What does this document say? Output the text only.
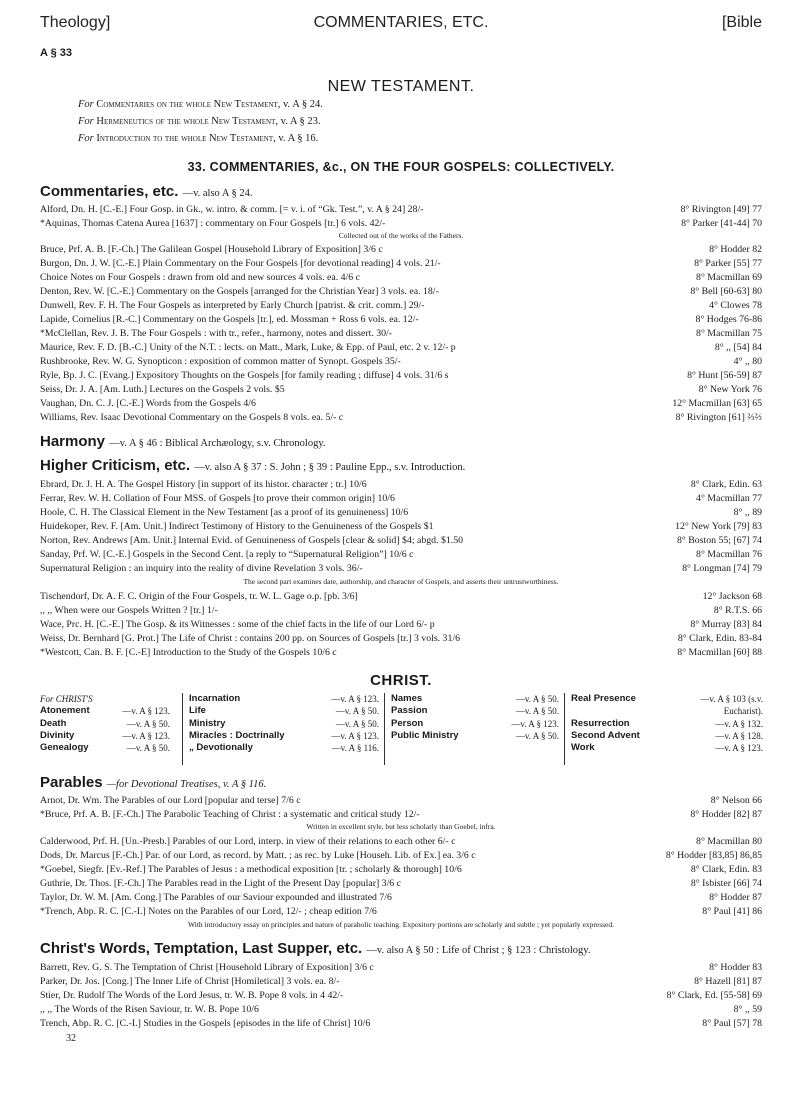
Theology]	COMMENTARIES, ETC.	[Bible
A § 33
NEW TESTAMENT.
For Commentaries on the whole New Testament, v. A § 24.
For Hermeneutics of the whole New Testament, v. A § 23.
For Introduction to the whole New Testament, v. A § 16.
33. COMMENTARIES, &c., ON THE FOUR GOSPELS: COLLECTIVELY.
Commentaries, etc. —v. also A § 24.
Alford, Dn. H. [C.-E.] Four Gosp. in Gk., w. intro. & comm. [= v. i. of “Gk. Test.”, v. A § 24] 28/-	8° Rivington [49] 77
*Aquinas, Thomas Catena Aurea [1637] : commentary on Four Gospels [tr.] 6 vols. 42/-	8° Parker [41-44] 70
Collected out of the works of the Fathers.
Bruce, Prf. A. B. [F.-Ch.] The Galilean Gospel [Household Library of Exposition] 3/6 c	8° Hodder 82
Burgon, Dn. J. W. [C.-E.] Plain Commentary on the Four Gospels [for devotional reading] 4 vols. 21/-	8° Parker [55] 77
Choice Notes on Four Gospels : drawn from old and new sources 4 vols. ea. 4/6 c	8° Macmillan 69
Denton, Rev. W. [C.-E.] Commentary on the Gospels [arranged for the Christian Year] 3 vols. ea. 18/-	8° Bell [60-63] 80
Dunwell, Rev. F. H. The Four Gospels as interpreted by Early Church [patrist. & crit. comm.] 29/-	4° Clowes 78
Lapide, Cornelius [R.-C.] Commentary on the Gospels [tr.], ed. Mossman + Ross 6 vols. ea. 12/-	8° Hodges 76-86
*McClellan, Rev. J. B. The Four Gospels : with tr., refer., harmony, notes and dissert. 30/-	8° Macmillan 75
Maurice, Rev. F. D. [B.-C.] Unity of the N.T. : lects. on Matt., Mark, Luke, & Epp. of Paul, etc. 2 v. 12/- p	8° ,, [54] 84
Rushbrooke, Rev. W. G. Synopticon : exposition of common matter of Synopt. Gospels 35/-	4° ,, 80
Ryle, Bp. J. C. [Evang.] Expository Thoughts on the Gospels [for family reading ; diffuse] 4 vols. 31/6 s	8° Hunt [56-59] 87
Seiss, Dr. J. A. [Am. Luth.] Lectures on the Gospels 2 vols. $5	8° New York 76
Vaughan, Dn. C. J. [C.-E.] Words from the Gospels 4/6	12° Macmillan [63] 65
Williams, Rev. Isaac Devotional Commentary on the Gospels 8 vols. ea. 5/- c	8° Rivington [61] ⅔⅔
Harmony —v. A § 46 : Biblical Archæology, s.v. Chronology.
Higher Criticism, etc. —v. also A § 37 : S. John ; § 39 : Pauline Epp., s.v. Introduction.
Ebrard, Dr. J. H. A. The Gospel History [in support of its histor. character ; tr.] 10/6	8° Clark, Edin. 63
Ferrar, Rev. W. H. Collation of Four MSS. of Gospels [to prove their common origin] 10/6	4° Macmillan 77
Hoole, C. H. The Classical Element in the New Testament [as a proof of its genuineness] 10/6	8° ,, 89
Huidekoper, Rev. F. [Am. Unit.] Indirect Testimony of History to the Genuineness of the Gospels $1	12° New York [79] 83
Norton, Rev. Andrews [Am. Unit.] Internal Evid. of Genuineness of Gospels [clear & solid] $4; abgd. $1.50	8° Boston 55; [67] 74
Sanday, Prf. W. [C.-E.] Gospels in the Second Cent. [a reply to “Supernatural Religion”] 10/6 c	8° Macmillan 76
Supernatural Religion : an inquiry into the reality of divine Revelation 3 vols. 36/-	8° Longman [74] 79
The second part examines date, authorship, and character of Gospels, and asserts their untrustworthiness.
Tischendorf, Dr. A. F. C. Origin of the Four Gospels, tr. W. L. Gage o.p. [pb. 3/6]	12° Jackson 68
,, ,, When were our Gospels Written ? [tr.] 1/-	8° R.T.S. 66
Wace, Prc. H. [C.-E.] The Gosp. & its Witnesses : some of the chief facts in the life of our Lord 6/- p	8° Murray [83] 84
Weiss, Dr. Bernhard [G. Prot.] The Life of Christ : contains 200 pp. on Sources of Gospels [tr.] 3 vols. 31/6	8° Clark, Edin. 83-84
*Westcott, Can. B. F. [C.-E] Introduction to the Study of the Gospels 10/6 c	8° Macmillan [60] 88
CHRIST.
For CHRIST'S
Atonement	—v. A § 123.
Death	—v. A § 50.
Divinity	—v. A § 123.
Genealogy	—v. A § 50.
Incarnation	—v. A § 123.
Life	—v. A § 50.
Ministry	—v. A § 50.
Miracles : Doctrinally	—v. A § 123.
„ Devotionally	—v. A § 116.
Names	—v. A § 50.
Passion	—v. A § 50.
Person	—v. A § 123.
Public Ministry	—v. A § 50.
Real Presence	—v. A § 103 (s.v.
Eucharist).
Resurrection	—v. A § 132.
Second Advent	—v. A § 128.
Work	—v. A § 123.
Parables —for Devotional Treatises, v. A § 116.
Arnot, Dr. Wm. The Parables of our Lord [popular and terse] 7/6 c	8° Nelson 66
*Bruce, Prf. A. B. [F.-Ch.] The Parabolic Teaching of Christ : a systematic and critical study 12/-	8° Hodder [82] 87
Written in excellent style, but less scholarly than Goebel, infra.
Calderwood, Prf. H. [Un.-Presb.] Parables of our Lord, interp. in view of their relations to each other 6/- c	8° Macmillan 80
Dods, Dr. Marcus [F.-Ch.] Par. of our Lord, as record. by Matt. ; as rec. by Luke [Househ. Lib. of Ex.] ea. 3/6 c	8° Hodder [83,85] 86,85
*Goebel, Siegfr. [Ev.-Ref.] The Parables of Jesus : a methodical exposition [tr. ; scholarly & thorough] 10/6	8° Clark, Edin. 83
Guthrie, Dr. Thos. [F.-Ch.] The Parables read in the Light of the Present Day [popular] 3/6 c	8° Isbister [66] 74
Taylor, Dr. W. M. [Am. Cong.] The Parables of our Saviour expounded and illustrated 7/6	8° Hodder 87
*Trench, Abp. R. C. [C.-I.] Notes on the Parables of our Lord, 12/- ; cheap edition 7/6	8° Paul [41] 86
With introductory essay on principles and nature of parabolic teaching. Expository portions are scholarly and subtle ; yet popularly expressed.
Christ's Words, Temptation, Last Supper, etc. —v. also A § 50 : Life of Christ ; § 123 : Christology.
Barrett, Rev. G. S. The Temptation of Christ [Household Library of Exposition] 3/6 c	8° Hodder 83
Parker, Dr. Jos. [Cong.] The Inner Life of Christ [Homiletical] 3 vols. ea. 8/-	8° Hazell [81] 87
Stier, Dr. Rudolf The Words of the Lord Jesus, tr. W. B. Pope 8 vols. in 4 42/-	8° Clark, Ed. [55-58] 69
,, ,, The Words of the Risen Saviour, tr. W. B. Pope 10/6	8° ,, 59
Trench, Abp. R. C. [C.-I.] Studies in the Gospels [episodes in the life of Christ] 10/6	8° Paul [57] 78
32
